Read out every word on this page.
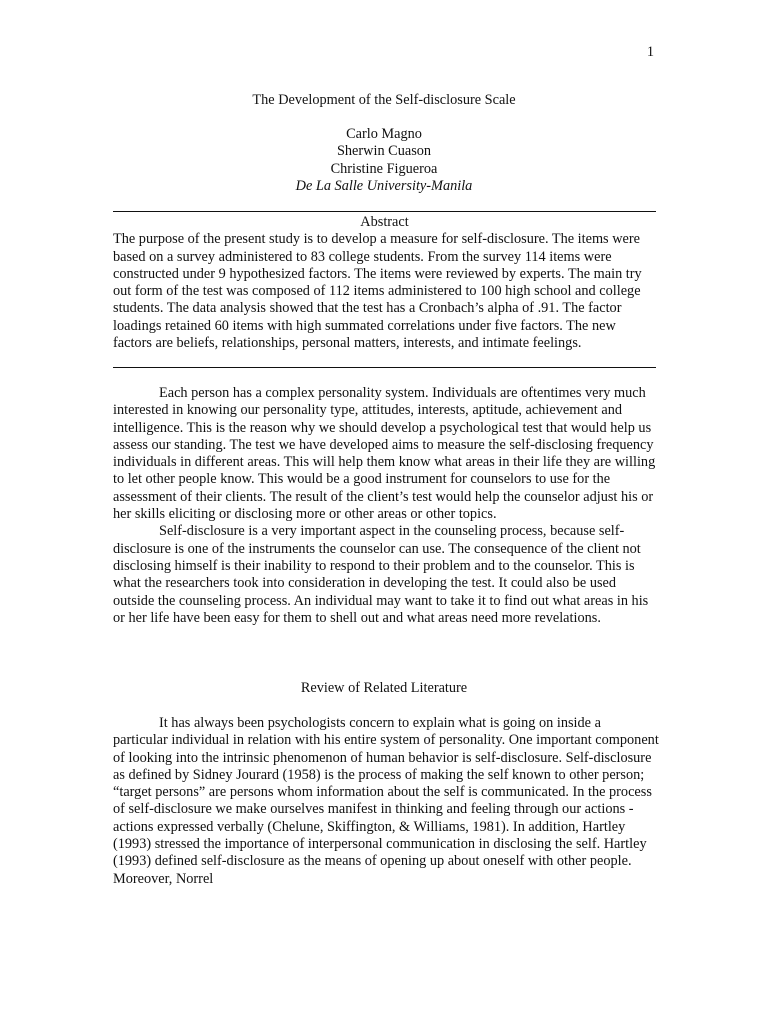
1

The Development of the Self-disclosure Scale

Carlo Magno

Sherwin Cuason

Christine Figueroa

De La Salle University-Manila

Abstract

The purpose of the present study is to develop a measure for self-disclosure. The items were based on a survey administered to 83 college students. From the survey 114 items were constructed under 9 hypothesized factors. The items were reviewed by experts. The main try out form of the test was composed of 112 items administered to 100 high school and college students. The data analysis showed that the test has a Cronbach’s alpha of .91. The factor loadings retained 60 items with high summated correlations under five factors. The new factors are beliefs, relationships, personal matters, interests, and intimate feelings.

Each person has a complex personality system. Individuals are oftentimes very much interested in knowing our personality type, attitudes, interests, aptitude, achievement and intelligence. This is the reason why we should develop a psychological test that would help us assess our standing. The test we have developed aims to measure the self-disclosing frequency individuals in different areas. This will help them know what areas in their life they are willing to let other people know. This would be a good instrument for counselors to use for the assessment of their clients. The result of the client’s test would help the counselor adjust his or her skills eliciting or disclosing more or other areas or other topics.

Self-disclosure is a very important aspect in the counseling process, because self-disclosure is one of the instruments the counselor can use. The consequence of the client not disclosing himself is their inability to respond to their problem and to the counselor. This is what the researchers took into consideration in developing the test. It could also be used outside the counseling process. An individual may want to take it to find out what areas in his or her life have been easy for them to shell out and what areas need more revelations.

Review of Related Literature

It has always been psychologists concern to explain what is going on inside a particular individual in relation with his entire system of personality. One important component of looking into the intrinsic phenomenon of human behavior is self-disclosure. Self-disclosure as defined by Sidney Jourard (1958) is the process of making the self known to other person; “target persons” are persons whom information about the self is communicated. In the process of self-disclosure we make ourselves manifest in thinking and feeling through our actions - actions expressed verbally (Chelune, Skiffington, & Williams, 1981). In addition, Hartley (1993) stressed the importance of interpersonal communication in disclosing the self. Hartley (1993) defined self-disclosure as the means of opening up about oneself with other people. Moreover, Norrel
